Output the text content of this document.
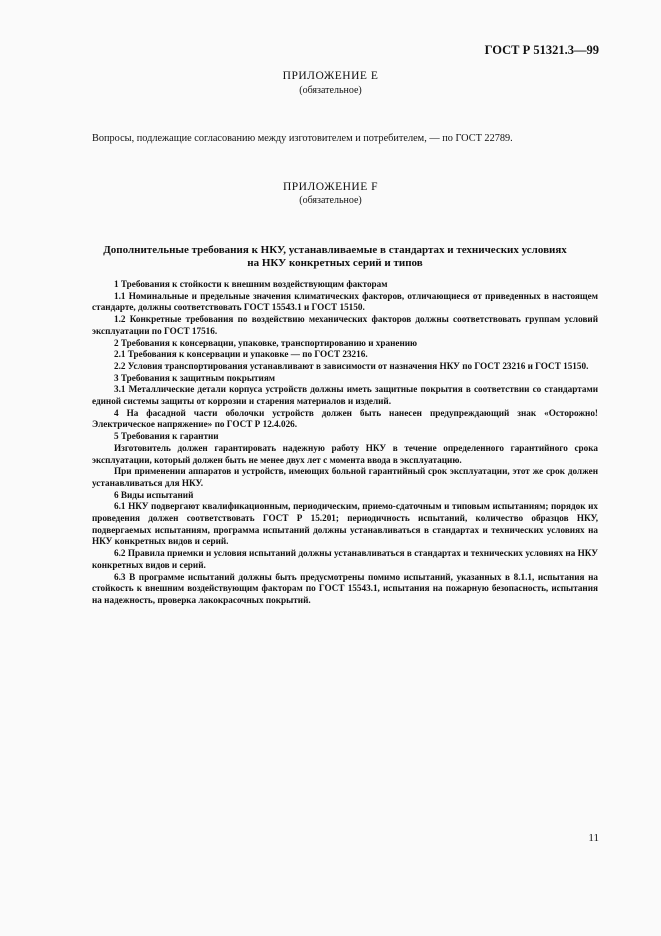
ГОСТ Р 51321.3—99
ПРИЛОЖЕНИЕ E
(обязательное)
Вопросы, подлежащие согласованию между изготовителем и потребителем, — по ГОСТ 22789.
ПРИЛОЖЕНИЕ F
(обязательное)
Дополнительные требования к НКУ, устанавливаемые в стандартах и технических условиях
на НКУ конкретных серий и типов

1 Требования к стойкости к внешним воздействующим факторам

1.1 Номинальные и предельные значения климатических факторов, отличающиеся от приведенных в настоящем стандарте, должны соответствовать ГОСТ 15543.1 и ГОСТ 15150.

1.2 Конкретные требования по воздействию механических факторов должны соответствовать группам условий эксплуатации по ГОСТ 17516.

2 Требования к консервации, упаковке, транспортированию и хранению

2.1 Требования к консервации и упаковке — по ГОСТ 23216.

2.2 Условия транспортирования устанавливают в зависимости от назначения НКУ по ГОСТ 23216 и ГОСТ 15150.

3 Требования к защитным покрытиям

3.1 Металлические детали корпуса устройств должны иметь защитные покрытия в соответствии со стандартами единой системы защиты от коррозии и старения материалов и изделий.

4 На фасадной части оболочки устройств должен быть нанесен предупреждающий знак «Осторожно! Электрическое напряжение» по ГОСТ Р 12.4.026.

5 Требования к гарантии

Изготовитель должен гарантировать надежную работу НКУ в течение определенного гарантийного срока эксплуатации, который должен быть не менее двух лет с момента ввода в эксплуатацию.

При применении аппаратов и устройств, имеющих больной гарантийный срок эксплуатации, этот же срок должен устанавливаться для НКУ.

6 Виды испытаний

6.1 НКУ подвергают квалификационным, периодическим, приемо-сдаточным и типовым испытаниям; порядок их проведения должен соответствовать ГОСТ Р 15.201; периодичность испытаний, количество образцов НКУ, подвергаемых испытаниям, программа испытаний должны устанавливаться в стандартах и технических условиях на НКУ конкретных видов и серий.

6.2 Правила приемки и условия испытаний должны устанавливаться в стандартах и технических условиях на НКУ конкретных видов и серий.

6.3 В программе испытаний должны быть предусмотрены помимо испытаний, указанных в 8.1.1, испытания на стойкость к внешним воздействующим факторам по ГОСТ 15543.1, испытания на пожарную безопасность, испытания на надежность, проверка лакокрасочных покрытий.

11
